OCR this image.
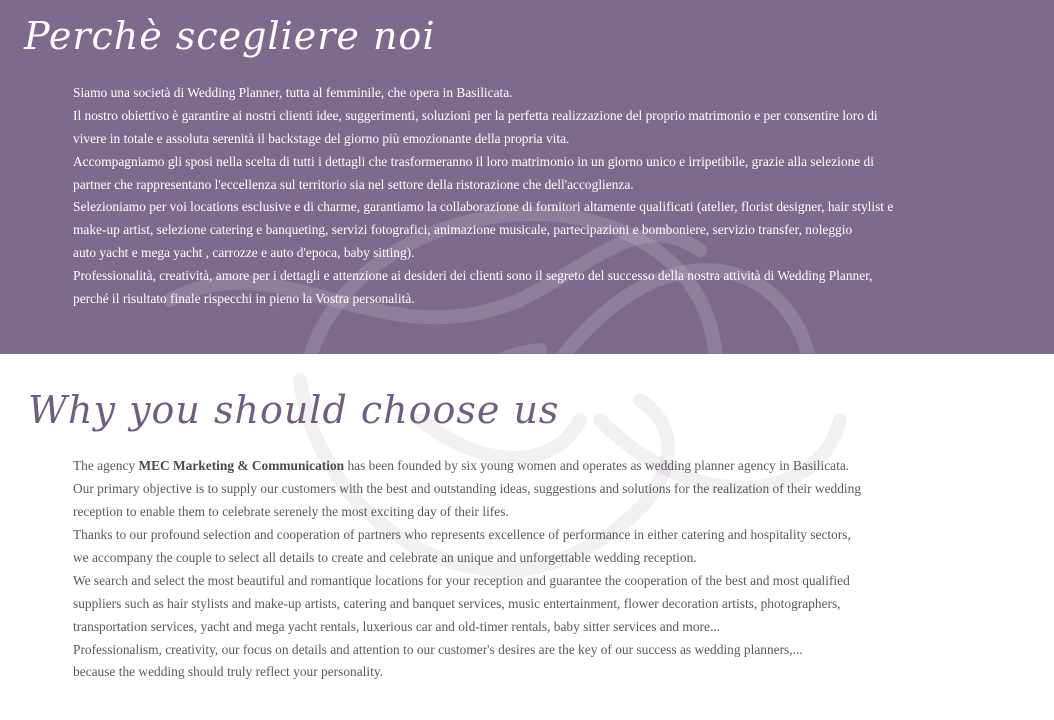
Perchè scegliere noi
Siamo una società di Wedding Planner, tutta al femminile, che opera in Basilicata.
Il nostro obiettivo è garantire ai nostri clienti idee, suggerimenti, soluzioni per la perfetta realizzazione del proprio matrimonio e per consentire loro di
vivere in totale e assoluta serenità il backstage del giorno più emozionante della propria vita.
Accompagniamo gli sposi nella scelta di tutti i dettagli che trasformeranno il loro matrimonio in un giorno unico e irripetibile, grazie alla selezione di
partner che rappresentano l'eccellenza sul territorio sia nel settore della ristorazione che dell'accoglienza.
Selezioniamo per voi locations esclusive e di charme, garantiamo la collaborazione di fornitori altamente qualificati (atelier, florist designer, hair stylist e
make-up artist, selezione catering e banqueting, servizi fotografici, animazione musicale, partecipazioni e bomboniere, servizio transfer, noleggio
auto yacht e mega yacht , carrozze e auto d'epoca, baby sitting).
Professionalità, creatività, amore per i dettagli e attenzione ai desideri dei clienti sono il segreto del successo della nostra attività di Wedding Planner,
perché il risultato finale rispecchi in pieno la Vostra personalità.
Why you should choose us
The agency MEC Marketing & Communication has been founded by six young women and operates as wedding planner agency in Basilicata.
Our primary objective is to supply our customers with the best and outstanding ideas, suggestions and solutions for the realization of their wedding
reception to enable them to celebrate serenely the most exciting day of their lifes.
Thanks to our profound selection and cooperation of partners who represents excellence of performance in either catering and hospitality sectors,
we accompany the couple to select all details to create and celebrate an unique and unforgettable wedding reception.
We search and select the most beautiful and romantique locations for your reception and guarantee the cooperation of the best and most qualified
suppliers such as hair stylists and make-up artists, catering and banquet services, music entertainment, flower decoration artists, photographers,
transportation services, yacht and mega yacht rentals, luxerious car and old-timer rentals, baby sitter services and more...
Professionalism, creativity, our focus on details and attention to our customer's desires are the key of our success as wedding planners,...
because the wedding should truly reflect your personality.
